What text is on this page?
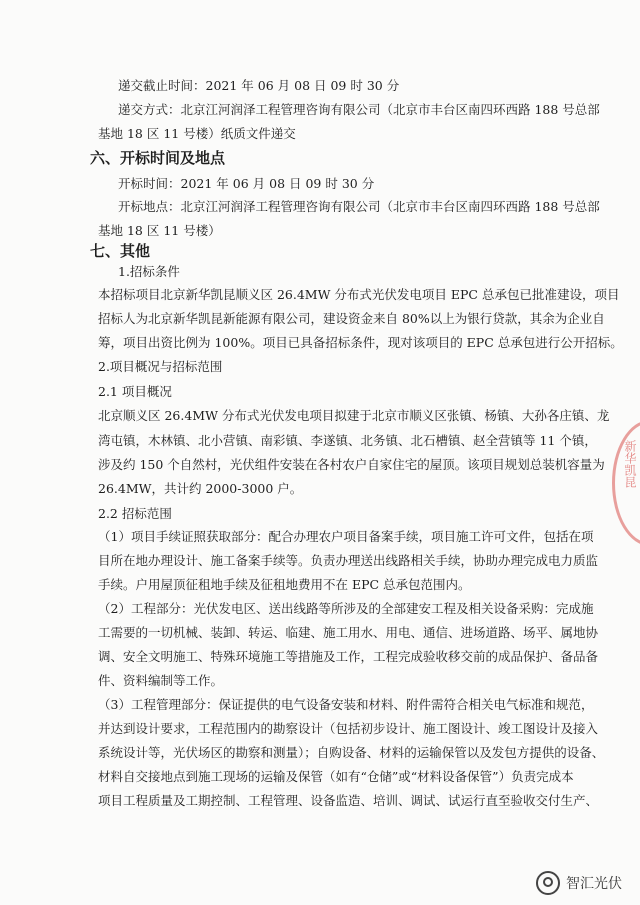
递交截止时间：2021 年 06 月 08 日 09 时 30 分
递交方式：北京江河润泽工程管理咨询有限公司（北京市丰台区南四环西路 188 号总部
基地 18 区 11 号楼）纸质文件递交
六、开标时间及地点
开标时间：2021 年 06 月 08 日 09 时 30 分
开标地点：北京江河润泽工程管理咨询有限公司（北京市丰台区南四环西路 188 号总部
基地 18 区 11 号楼）
七、其他
1.招标条件
本招标项目北京新华凯昆顺义区 26.4MW 分布式光伏发电项目 EPC 总承包已批准建设，项目
招标人为北京新华凯昆新能源有限公司，建设资金来自 80%以上为银行贷款，其余为企业自
筹，项目出资比例为 100%。项目已具备招标条件，现对该项目的 EPC 总承包进行公开招标。
2.项目概况与招标范围
2.1 项目概况
北京顺义区 26.4MW 分布式光伏发电项目拟建于北京市顺义区张镇、杨镇、大孙各庄镇、龙
湾屯镇，木林镇、北小营镇、南彩镇、李遂镇、北务镇、北石槽镇、赵全营镇等 11 个镇，
涉及约 150 个自然村，光伏组件安装在各村农户自家住宅的屋顶。该项目规划总装机容量为
26.4MW，共计约 2000-3000 户。
2.2 招标范围
（1）项目手续证照获取部分：配合办理农户项目备案手续，项目施工许可文件，包括在项
目所在地办理设计、施工备案手续等。负责办理送出线路相关手续，协助办理完成电力质监
手续。户用屋顶征租地手续及征租地费用不在 EPC 总承包范围内。
（2）工程部分：光伏发电区、送出线路等所涉及的全部建安工程及相关设备采购：完成施
工需要的一切机械、装卸、转运、临建、施工用水、用电、通信、进场道路、场平、属地协
调、安全文明施工、特殊环境施工等措施及工作，工程完成验收移交前的成品保护、备品备
件、资料编制等工作。
（3）工程管理部分：保证提供的电气设备安装和材料、附件需符合相关电气标准和规范，
并达到设计要求，工程范围内的勘察设计（包括初步设计、施工图设计、竣工图设计及接入
系统设计等，光伏场区的勘察和测量）；自购设备、材料的运输保管以及发包方提供的设备、
材料自交接地点到施工现场的运输及保管（如有“仓储”或“材料设备保管”）负责完成本
项目工程质量及工期控制、工程管理、设备监造、培训、调试、试运行直至验收交付生产、
新华凯昆
智汇光伏
